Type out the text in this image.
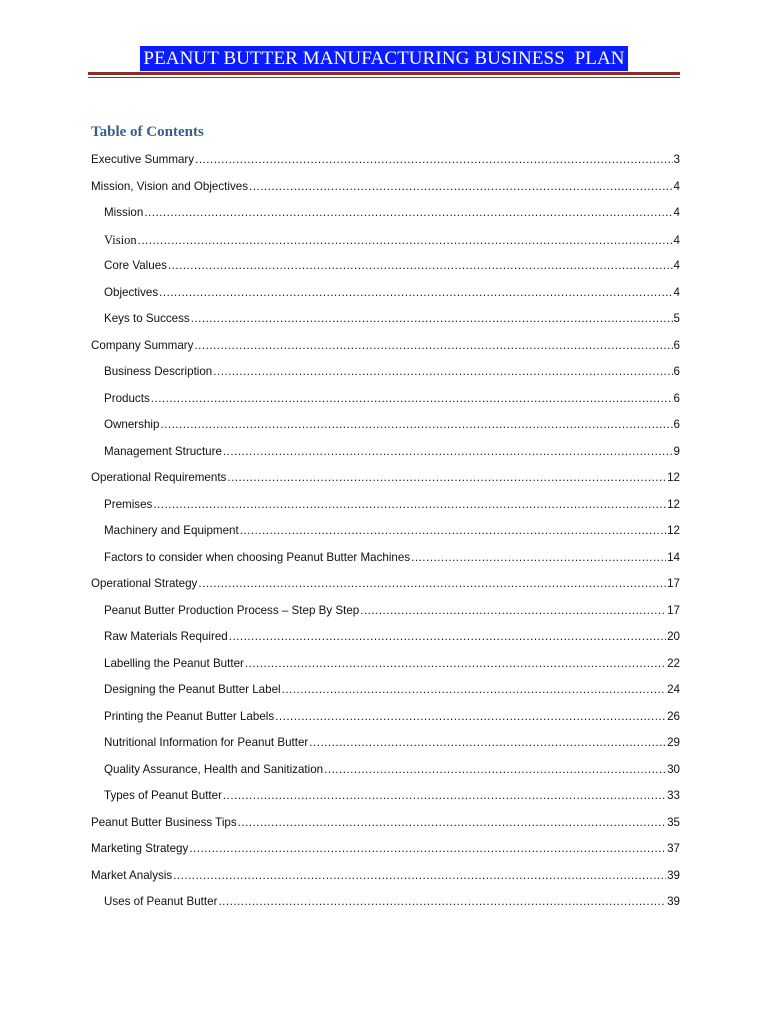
PEANUT BUTTER MANUFACTURING BUSINESS  PLAN
Table of Contents
Executive Summary .....	3
Mission, Vision and Objectives .....	4
Mission .....	4
Vision .....	4
Core Values .....	4
Objectives .....	4
Keys to Success .....	5
Company Summary .....	6
Business Description .....	6
Products .....	6
Ownership .....	6
Management Structure .....	9
Operational Requirements .....	12
Premises .....	12
Machinery and Equipment .....	12
Factors to consider when choosing Peanut Butter Machines .....	14
Operational Strategy .....	17
Peanut Butter Production Process – Step By Step .....	17
Raw Materials Required .....	20
Labelling the Peanut Butter .....	22
Designing the Peanut Butter Label .....	24
Printing the Peanut Butter Labels .....	26
Nutritional Information for Peanut Butter .....	29
Quality Assurance, Health and Sanitization .....	30
Types of Peanut Butter .....	33
Peanut Butter Business Tips .....	35
Marketing Strategy .....	37
Market Analysis .....	39
Uses of Peanut Butter .....	39
